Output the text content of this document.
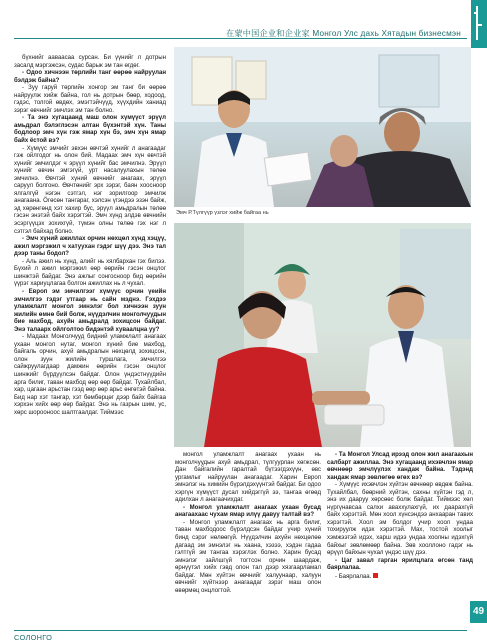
在蒙中国企业和企业家 Монгол Улс дахь Хятадын бизнесмэн

бүхнийг ааваасаа сурсан. Би үүнийг л дотрын засалд мэргэжсэн, судас барьж эм тан өгдөг.

- Одоо хичнээн төрлийн танг өөрөө найруулан бэлдэж байна?

- Зуу гаруй төрлийн хонгор эм танг би өөрөө найруулж хийж байна, гол нь дотрын бөөр, ходоод, гэдэс, толгой өвдөх, эмэгтэйчүүд, хүүхдийн ханиад зэрэг өвчнийг эмчлэх эм тан болно.

- Та энэ хугацаанд маш олон хүмүүст эрүүл амьдрал бэлэглэсэн алтан бүхэнтэй хүн. Таны бодлоор эмч хүн гэж ямар хүн бэ, эмч хүн ямар байх ёстой вэ?

- Хүмүүс эмчийг эвхэн өвчтэй хүнийг л анагаадаг гэж ойлгодог нь олон бий. Мадаах эмч хүн өвчтэй хүнийг эмчилдэг ч эрүүл хүнийг бас эмчилнэ. Эрүүл хүнийг өвчин эмгэгүй, урт насалуулахын төлөө эмчилнэ. Өвчтэй хүний өвчнийг анагаах, эрүүл саруул болгоно. Өвчтөнийг эрх зэрэг, баян хоосноор ялгалгүй нэгэн сэтгэл, нэг зорилгоор эмчилж анагаана. Ӧгөсөн тангараг, хэлсэн үгэндээ эзэн байж, эд хөрөнгөнд хэт хахир бус, эрүүл амьдралын төлөө гэсэн энэтэй байх хэрэгтэй. Эмч хүнд элдэв өвчнийн эсэргүүцэх зохихгүй, түмэн олны төлөө гэх нэг л сэтгэл байхад болно.

- Эмч хүний ажиллах орчин нөхцөл хүнд хэцүү, ажил мэргэжил ч хатуухан гэдэг шүү дээ. Энэ тал дээр таны бодол?

- Аль ажил нь хүнд, алийг нь хялбархан гэх билээ. Бүхий л ажил мэргэжил өөр өөрийн гэсэн онцлог шинжтэй байдаг. Энэ ажлыг сонгосноор бид өөрийн үүрэг хариуцлагаа болгон ажиллах нь л чухал.

- Европ эм эмчилгээг хүмүүс орчин үеийн эмчилгээ гэдэг утгаар нь сайн мэднэ. Гэхдээ уламжлалт монгол эмнэлэг бол хичнээн зуун жилийн өмнө бий болж, нүүдэлчин монголчуудын бие махбод, ахуйн амьдралд зохицсон байдаг. Энэ талаарх ойлголтоо бидэнтэй хуваалцна уу?

- Мадаах Монголчууд бидний уламжлалт анагаах ухаан монгол нутаг, монгол хүний бие махбод, байгаль орчин, ахуй амьдралын нөхцөлд зохицсон, олон зуун жилийн туршлага, эмчилгээ сайжруулагдаар дамжин өөрийн гэсэн онцлог шинжийг бүрдүүлсэн байдаг. Олон үндэстнүүдийн арга билиг, таван махбод өөр өөр байдаг. Тухайлбал, хар, цагаан арьстан гээд өөр өөр арьс өнгөтэй байна. Бид нар хэт тангар, хэт бөмбөрцөг дээр байх байгаа хэрхэн хийх өөр өөр байдаг. Энэ нь газрын шим, ус, хөрс шорооноос шалтгаалдаг. Тиймээс

Эмч Р.Түлгүүр үзлэг хийж байгаа нь

монгол уламжлалт анагаах ухаан нь монголчуудын ахуй амьдрал, түлгуурлан хөгжсөн. Дан байгалийн гаралтай бүтээгдэхүүн, өвс ургамлыг найруулан анагаадаг. Харин Европ эмнэлэг нь химийн бүрэлдэхүүнтэй байдаг. Би одоо хэргүн хүмүүст дусал хийдэггүй ээ, тангаа өгөөд адилхан л анагаачихдаг.

- Монгол уламжлалт анагаах ухаан бусад анагаахаас чухам ямар илүү давуу талтай вэ?

- Монгол уламжлалт анагаах нь арга билиг, таван махбодоос бүрэлдсэн байдаг учир хүний бинд сэрэг нөлөөгүй. Нүүдэлчин ахуйн нөхцөлөө дагаад эм эмнэлэг нь хаана, хэзээ, хэдэн гадаа гэлтгүй эм тангаа хэрэглэх болно. Харин бусад эмнэлэг зайлшгүй тогтсон орчин шаардаж, өрнүүтэл хийх гэвд олон тал дээр хязгаарламал байдаг. Мөн хүйтэн өвчнийг халуунаар, халуун өвчнийг хүйтнээр анагаадаг зэрэг маш олон өвөрмөц онцлогтой.

- Та Монгол Улсад ирээд олон жил анагаахын салбарт ажиллаа. Энэ хугацаанд ихэвчлэн ямар өвчнөөр эмчлүүлэх хандаж байна. Тэдэнд хандаж ямар зөвлөгөө өгөх вэ?

- Хүмүүс ихэвчлэн хүйтэн өвчнөөр өвдөж байна. Тухайлбал, бөөрний хүйтэн, сахны хүйтэн гэд л, энэ их дааруу хөрсөөс болж байдаг. Тиймээс хөл нүргүнавсаа салхи аваххулахгүй, их даарахгүй байх хэрэгтэй. Мөн хоол хүнсэндээ анхааран тавих хэрэгтэй. Хоол эм болдог учир хоол ундаа тохируулж идэх хэрэгтэй. Мах, тостой хоолыг хэмжээтэй идэх, харш идээ ундаа хоолны идэхгүй байхыг зөвлөмөөр байна. Зөв хооллоно гадэг нь өрүүл байхын чухал үндэс шүү дээ.

- Цаг завал гарган ярилцлага өгсөн танд баярлалаа.

- Баярлалаа.

49
СОЛОНГО
